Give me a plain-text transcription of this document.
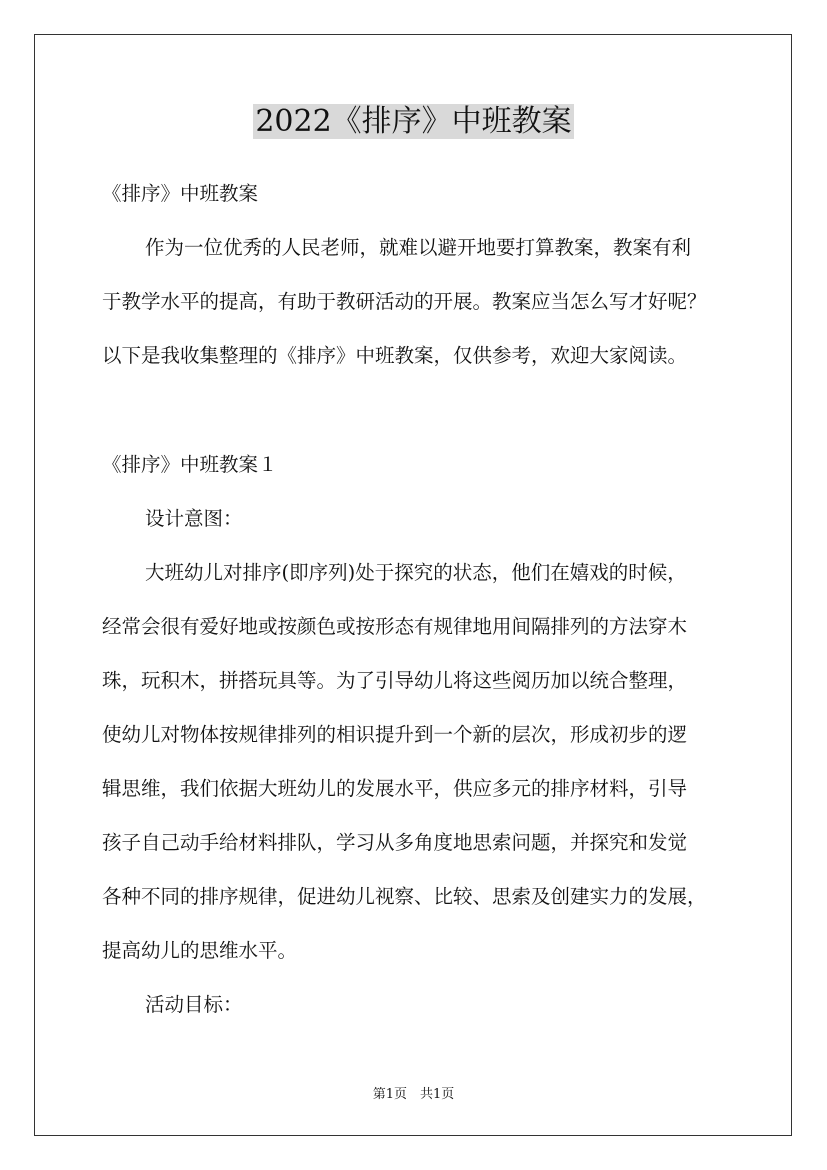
2022《排序》中班教案
《排序》中班教案
作为一位优秀的人民老师，就难以避开地要打算教案，教案有利
于教学水平的提高，有助于教研活动的开展。教案应当怎么写才好呢？
以下是我收集整理的《排序》中班教案，仅供参考，欢迎大家阅读。
《排序》中班教案１
设计意图：
大班幼儿对排序(即序列)处于探究的状态，他们在嬉戏的时候，
经常会很有爱好地或按颜色或按形态有规律地用间隔排列的方法穿木
珠，玩积木，拼搭玩具等。为了引导幼儿将这些阅历加以统合整理，
使幼儿对物体按规律排列的相识提升到一个新的层次，形成初步的逻
辑思维，我们依据大班幼儿的发展水平，供应多元的排序材料，引导
孩子自己动手给材料排队，学习从多角度地思索问题，并探究和发觉
各种不同的排序规律，促进幼儿视察、比较、思索及创建实力的发展，
提高幼儿的思维水平。
活动目标：
第1页　共1页
